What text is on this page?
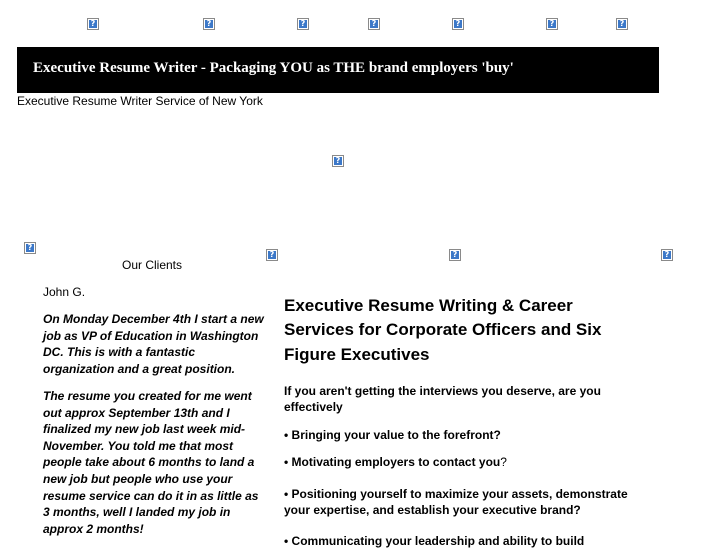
?
?
?
?
?
?
?
Executive Resume Writer - Packaging YOU as THE brand employers 'buy'
Executive Resume Writer Service of New York
?
?
?
?
?
Our Clients
John G.

On Monday December 4th I start a new job as VP of Education in Washington DC. This is with a fantastic organization and a great position.

The resume you created for me went out approx September 13th and I finalized my new job last week mid-November. You told me that most people take about 6 months to land a new job but people who use your resume service can do it in as little as 3 months, well I landed my job in approx 2 months!

Executive Resume Writing & Career Services for Corporate Officers and Six Figure Executives

If you aren't getting the interviews you deserve, are you effectively

• Bringing your value to the forefront?

• Motivating employers to contact you?

• Positioning yourself to maximize your assets, demonstrate your expertise, and establish your executive brand?

• Communicating your leadership and ability to build
